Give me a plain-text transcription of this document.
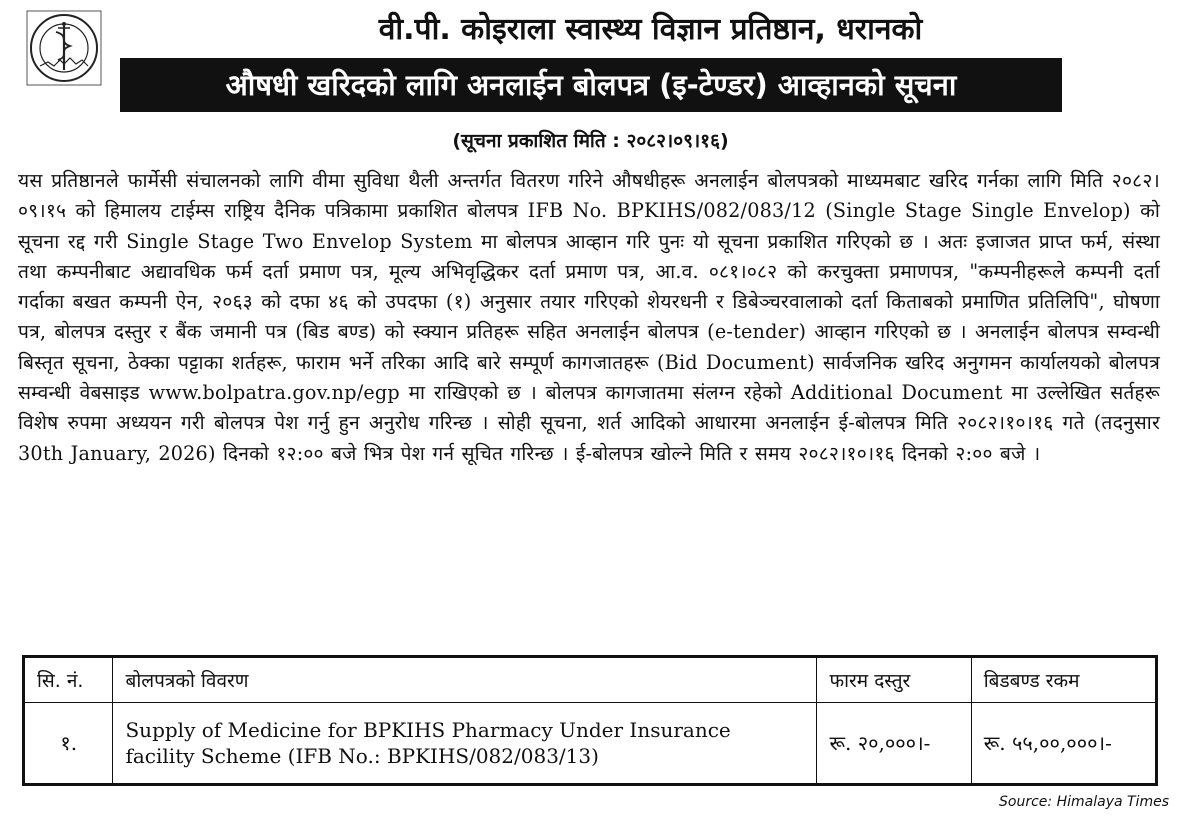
वी.पी. कोइराला स्वास्थ्य विज्ञान प्रतिष्ठान, धरानको
औषधी खरिदको लागि अनलाईन बोलपत्र (इ-टेण्डर) आव्हानको सूचना
(सूचना प्रकाशित मिति : २०८२।०९।१६)
यस प्रतिष्ठानले फार्मेसी संचालनको लागि वीमा सुविधा थैली अन्तर्गत वितरण गरिने औषधीहरू अनलाईन बोलपत्रको माध्यमबाट खरिद गर्नका लागि मिति २०८२।०९।१५ को हिमालय टाईम्स राष्ट्रिय दैनिक पत्रिकामा प्रकाशित बोलपत्र IFB No. BPKIHS/082/083/12 (Single Stage Single Envelop) को सूचना रद्द गरी Single Stage Two Envelop System मा बोलपत्र आव्हान गरि पुनः यो सूचना प्रकाशित गरिएको छ । अतः इजाजत प्राप्त फर्म, संस्था तथा कम्पनीबाट अद्यावधिक फर्म दर्ता प्रमाण पत्र, मूल्य अभिवृद्धिकर दर्ता प्रमाण पत्र, आ.व. ०८१।०८२ को करचुक्ता प्रमाणपत्र, "कम्पनीहरूले कम्पनी दर्ता गर्दाका बखत कम्पनी ऐन, २०६३ को दफा ४६ को उपदफा (१) अनुसार तयार गरिएको शेयरधनी र डिबेञ्चरवालाको दर्ता किताबको प्रमाणित प्रतिलिपि", घोषणा पत्र, बोलपत्र दस्तुर र बैंक जमानी पत्र (बिड बण्ड) को स्क्यान प्रतिहरू सहित अनलाईन बोलपत्र (e-tender) आव्हान गरिएको छ । अनलाईन बोलपत्र सम्वन्धी बिस्तृत सूचना, ठेक्का पट्टाका शर्तहरू, फाराम भर्ने तरिका आदि बारे सम्पूर्ण कागजातहरू (Bid Document) सार्वजनिक खरिद अनुगमन कार्यालयको बोलपत्र सम्वन्धी वेबसाइड www.bolpatra.gov.np/egp मा राखिएको छ । बोलपत्र कागजातमा संलग्न रहेको Additional Document मा उल्लेखित सर्तहरू विशेष रुपमा अध्ययन गरी बोलपत्र पेश गर्नु हुन अनुरोध गरिन्छ । सोही सूचना, शर्त आदिको आधारमा अनलाईन ई-बोलपत्र मिति २०८२।१०।१६ गते (तदनुसार 30th January, 2026) दिनको १२:०० बजे भित्र पेश गर्न सूचित गरिन्छ । ई-बोलपत्र खोल्ने मिति र समय २०८२।१०।१६ दिनको २:०० बजे ।
सि. नं.	बोलपत्रको विवरण	फारम दस्तुर	बिडबण्ड रकम
१.	Supply of Medicine for BPKIHS Pharmacy Under Insurance facility Scheme (IFB No.: BPKIHS/082/083/13)	रू. २०,०००।-	रू. ५५,००,०००।-
Source: Himalaya Times
